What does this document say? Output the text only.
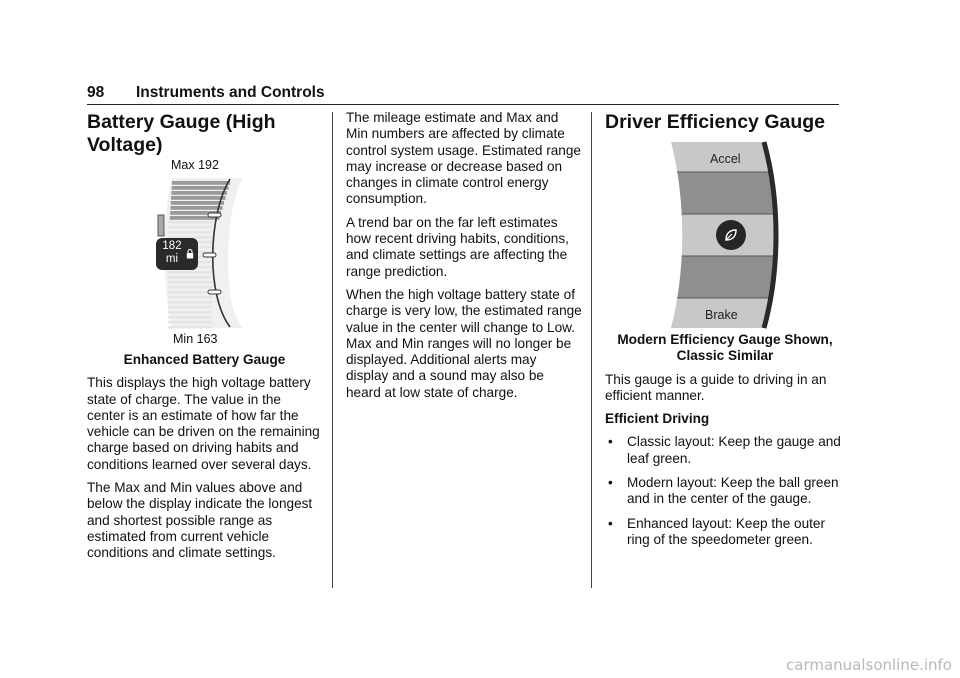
98 Instruments and Controls
Battery Gauge (High Voltage)
Max 192
182
mi
Min 163

Enhanced Battery Gauge

This displays the high voltage battery state of charge. The value in the center is an estimate of how far the vehicle can be driven on the remaining charge based on driving habits and conditions learned over several days.

The Max and Min values above and below the display indicate the longest and shortest possible range as estimated from current vehicle conditions and climate settings.

The mileage estimate and Max and Min numbers are affected by climate control system usage. Estimated range may increase or decrease based on changes in climate control energy consumption.

A trend bar on the far left estimates how recent driving habits, conditions, and climate settings are affecting the range prediction.

When the high voltage battery state of charge is very low, the estimated range value in the center will change to Low. Max and Min ranges will no longer be displayed. Additional alerts may display and a sound may also be heard at low state of charge.

Driver Efficiency Gauge
Accel
Brake

Modern Efficiency Gauge Shown,
Classic Similar

This gauge is a guide to driving in an efficient manner.

Efficient Driving

• Classic layout: Keep the gauge and leaf green.
• Modern layout: Keep the ball green and in the center of the gauge.
• Enhanced layout: Keep the outer ring of the speedometer green.
carmanualsonline.info
